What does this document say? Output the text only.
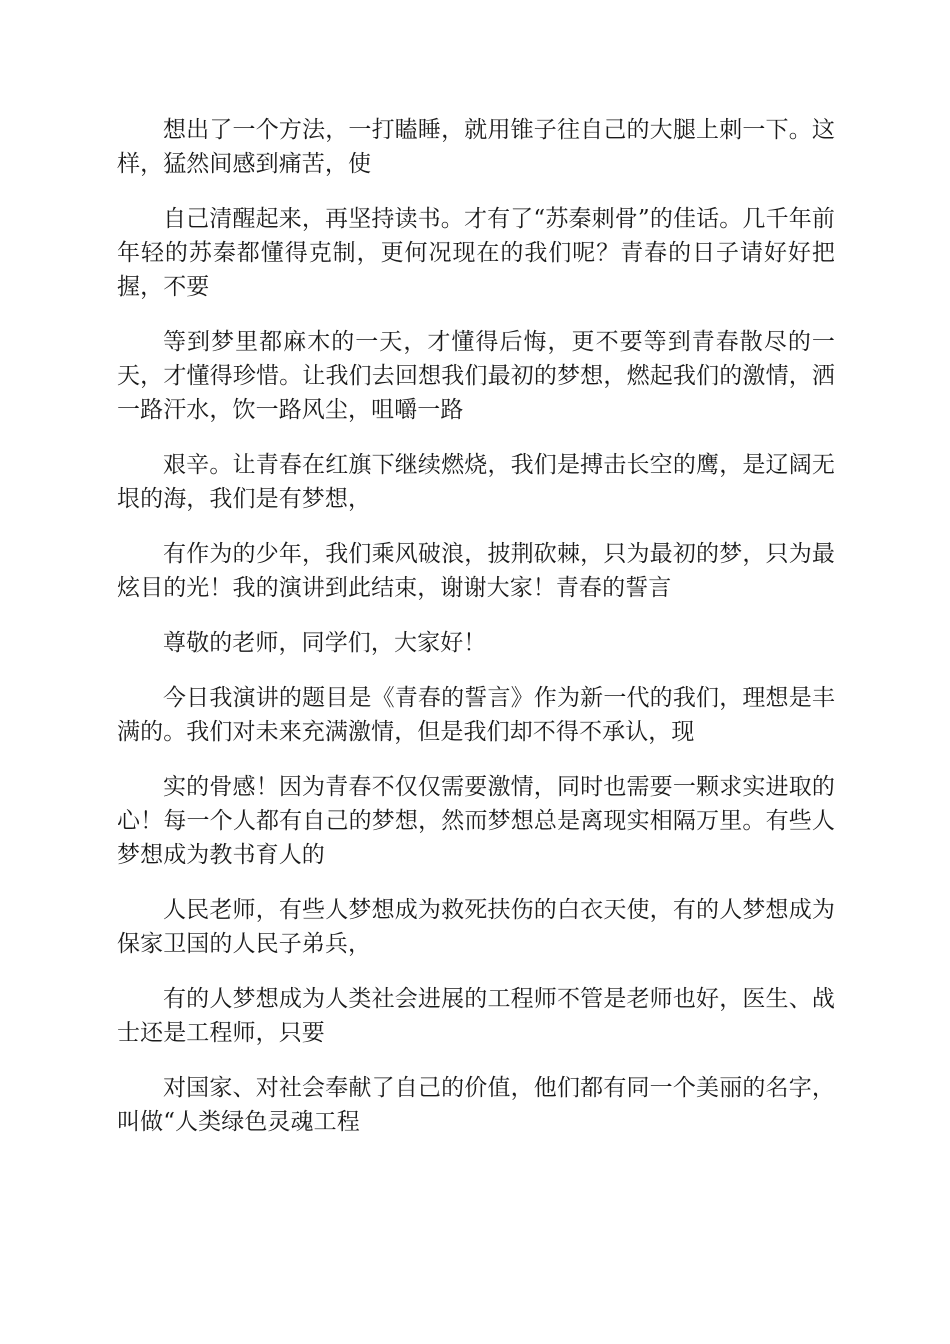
想出了一个方法，一打瞌睡，就用锥子往自己的大腿上刺一下。这样，猛然间感到痛苦，使

自己清醒起来，再坚持读书。才有了“苏秦刺骨”的佳话。几千年前年轻的苏秦都懂得克制，更何况现在的我们呢？青春的日子请好好把握，不要

等到梦里都麻木的一天，才懂得后悔，更不要等到青春散尽的一天，才懂得珍惜。让我们去回想我们最初的梦想，燃起我们的激情，洒一路汗水，饮一路风尘，咀嚼一路

艰辛。让青春在红旗下继续燃烧，我们是搏击长空的鹰，是辽阔无垠的海，我们是有梦想，

有作为的少年，我们乘风破浪，披荆砍棘，只为最初的梦，只为最炫目的光！我的演讲到此结束，谢谢大家！青春的誓言

尊敬的老师，同学们，大家好！

今日我演讲的题目是《青春的誓言》作为新一代的我们，理想是丰满的。我们对未来充满激情，但是我们却不得不承认，现

实的骨感！因为青春不仅仅需要激情，同时也需要一颗求实进取的心！每一个人都有自己的梦想，然而梦想总是离现实相隔万里。有些人梦想成为教书育人的

人民老师，有些人梦想成为救死扶伤的白衣天使，有的人梦想成为保家卫国的人民子弟兵，

有的人梦想成为人类社会进展的工程师不管是老师也好，医生、战士还是工程师，只要

对国家、对社会奉献了自己的价值，他们都有同一个美丽的名字，叫做“人类绿色灵魂工程
